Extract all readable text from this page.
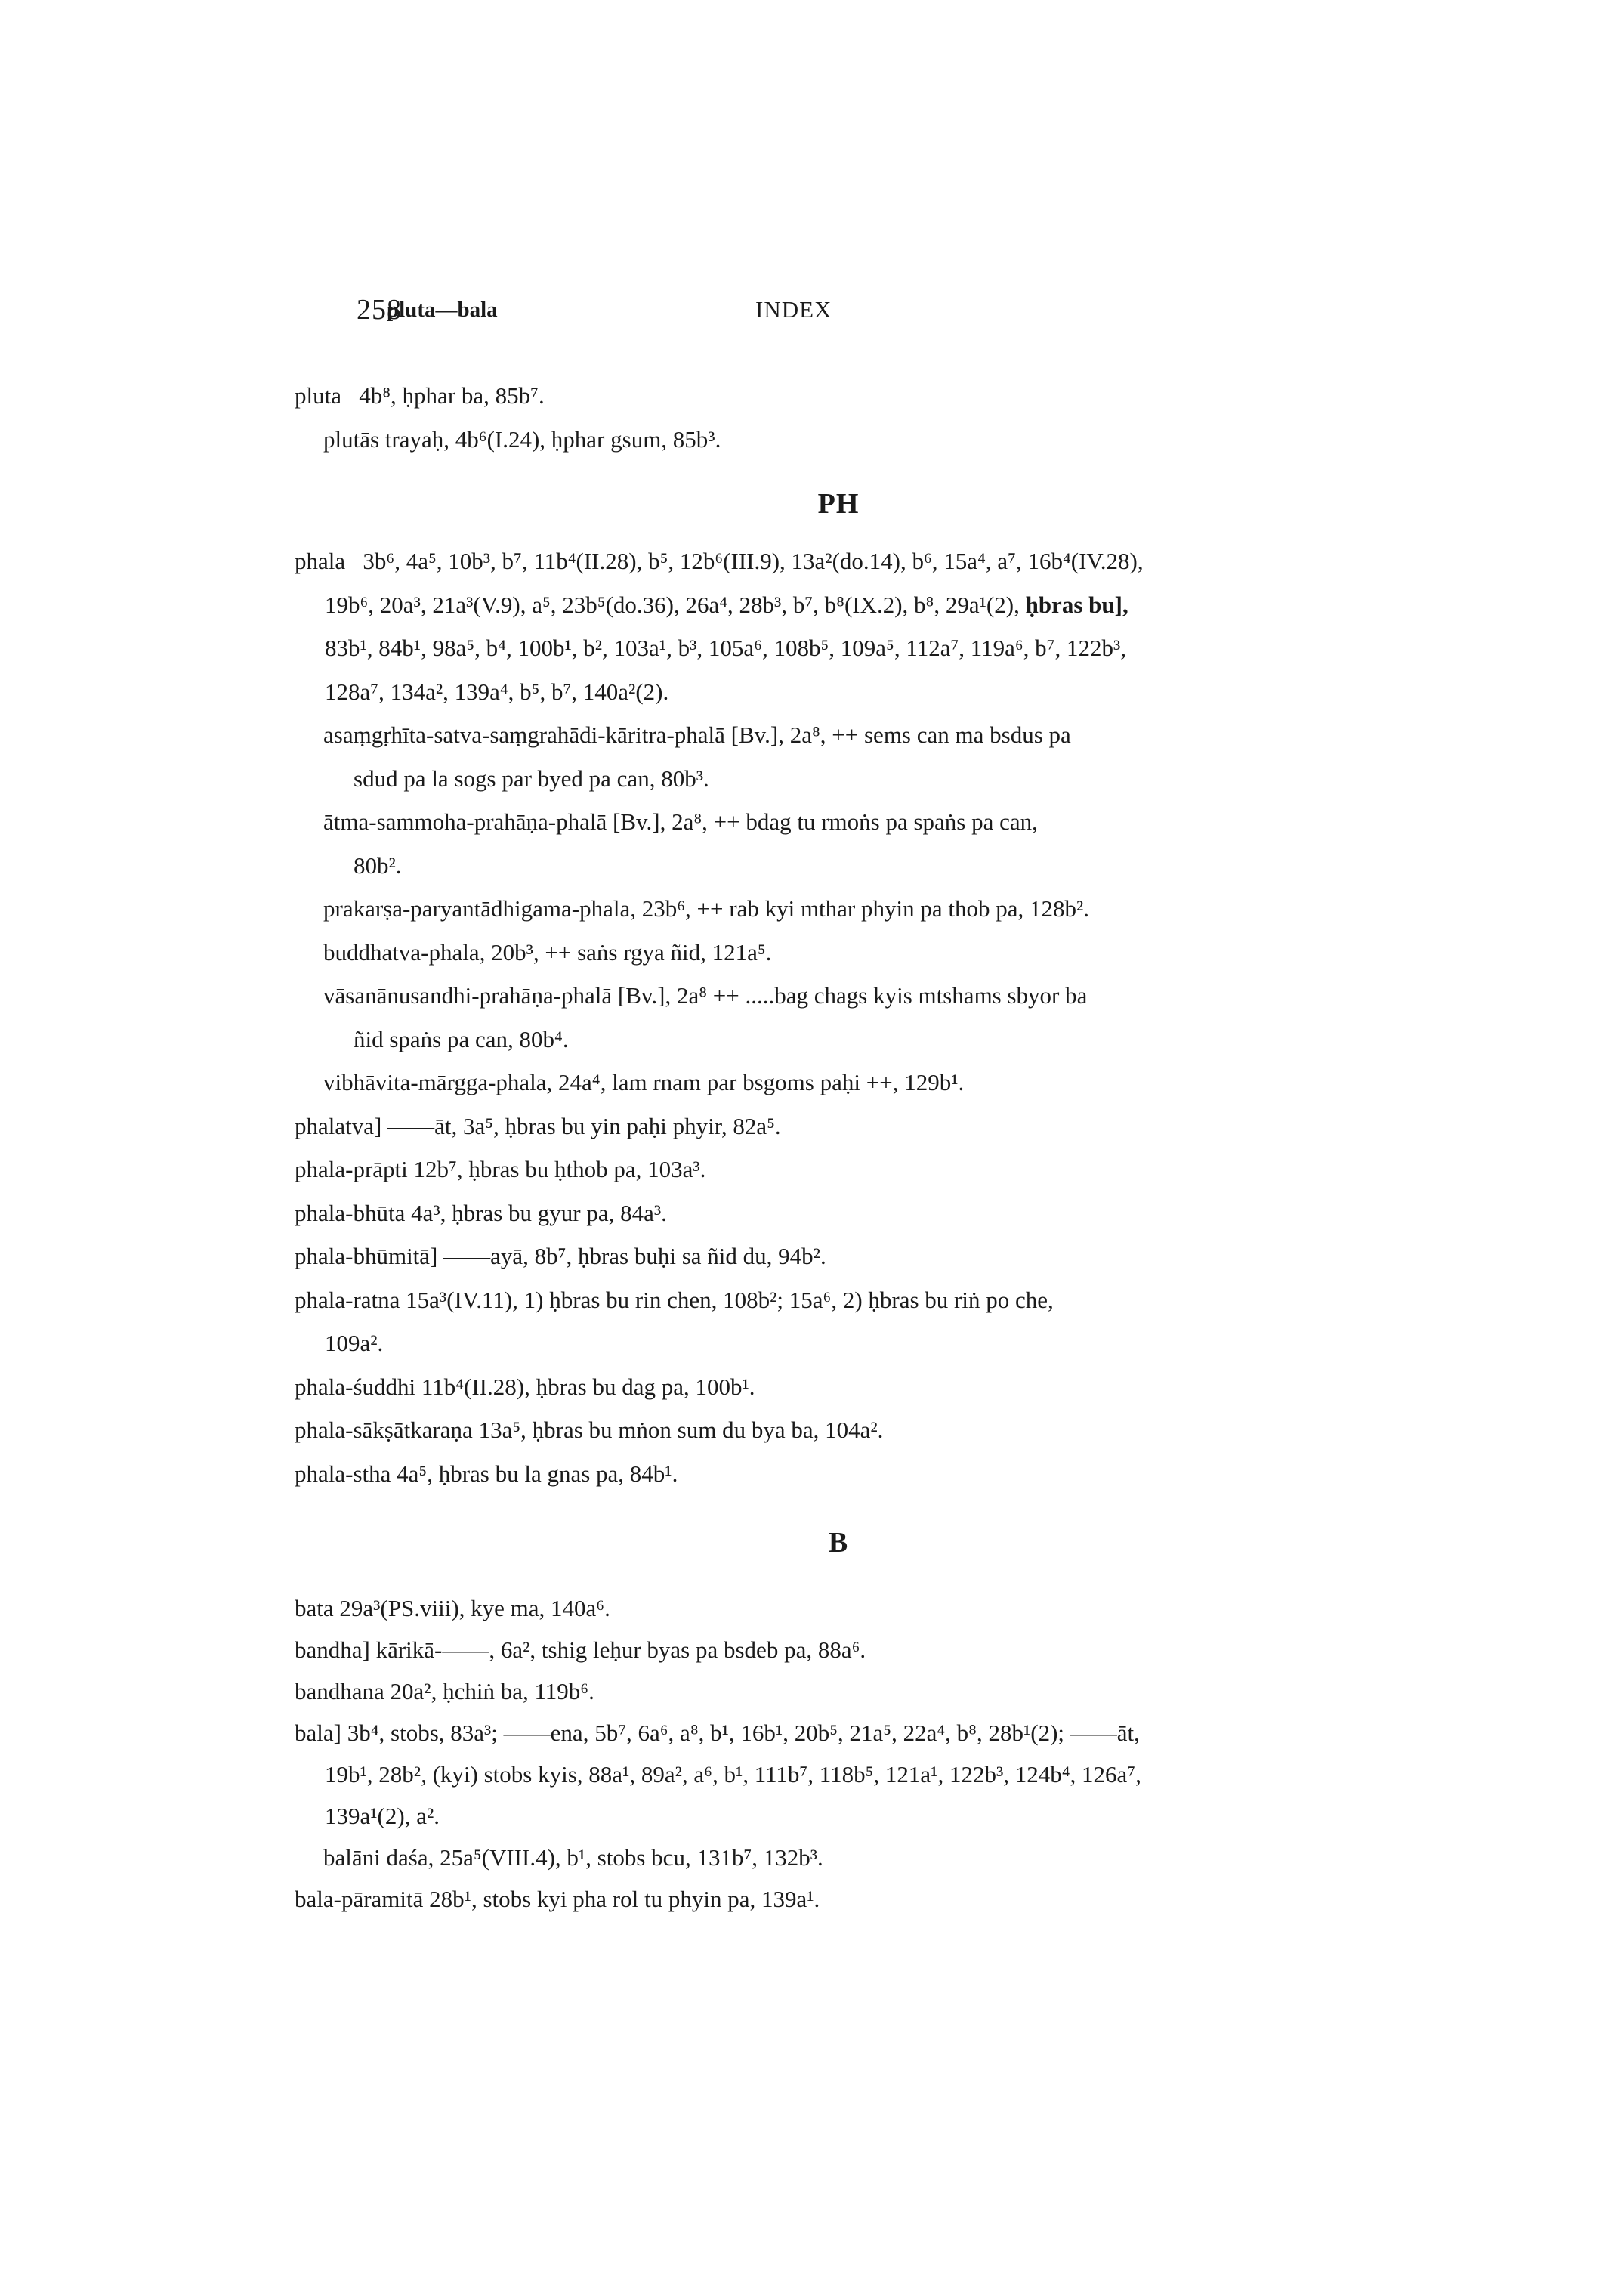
258
pluta—bala	INDEX
pluta 4b⁸, ḥphar ba, 85b⁷.
plutās trayaḥ, 4b⁶(I.24), ḥphar gsum, 85b³.
PH
phala 3b⁶, 4a⁵, 10b³, b⁷, 11b⁴(II.28), b⁵, 12b⁶(III.9), 13a²(do.14), b⁶, 15a⁴, a⁷, 16b⁴(IV.28),
19b⁶, 20a³, 21a³(V.9), a⁵, 23b⁵(do.36), 26a⁴, 28b³, b⁷, b⁸(IX.2), b⁸, 29a¹(2), ḥbras bu],
83b¹, 84b¹, 98a⁵, b⁴, 100b¹, b², 103a¹, b³, 105a⁶, 108b⁵, 109a⁵, 112a⁷, 119a⁶, b⁷, 122b³,
128a⁷, 134a², 139a⁴, b⁵, b⁷, 140a²(2).
asaṃgṛhīta-satva-saṃgrahādi-kāritra-phalā [Bv.], 2a⁸, ++ sems can ma bsdus pa
sdud pa la sogs par byed pa can, 80b³.
ātma-sammoha-prahāṇa-phalā [Bv.], 2a⁸, ++ bdag tu rmoṅs pa spaṅs pa can,
80b².
prakarṣa-paryantādhigama-phala, 23b⁶, ++ rab kyi mthar phyin pa thob pa, 128b².
buddhatva-phala, 20b³, ++ saṅs rgya ñid, 121a⁵.
vāsanānusandhi-prahāṇa-phalā [Bv.], 2a⁸ ++ .....bag chags kyis mtshams sbyor ba
ñid spaṅs pa can, 80b⁴.
vibhāvita-mārgga-phala, 24a⁴, lam rnam par bsgoms paḥi ++, 129b¹.
phalatva] ——āt, 3a⁵, ḥbras bu yin paḥi phyir, 82a⁵.
phala-prāpti 12b⁷, ḥbras bu ḥthob pa, 103a³.
phala-bhūta 4a³, ḥbras bu gyur pa, 84a³.
phala-bhūmitā] ——ayā, 8b⁷, ḥbras buḥi sa ñid du, 94b².
phala-ratna 15a³(IV.11), 1) ḥbras bu rin chen, 108b²; 15a⁶, 2) ḥbras bu riṅ po che,
109a².
phala-śuddhi 11b⁴(II.28), ḥbras bu dag pa, 100b¹.
phala-sākṣātkaraṇa 13a⁵, ḥbras bu mṅon sum du bya ba, 104a².
phala-stha 4a⁵, ḥbras bu la gnas pa, 84b¹.
B
bata 29a³(PS.viii), kye ma, 140a⁶.
bandha] kārikā-——, 6a², tshig leḥur byas pa bsdeb pa, 88a⁶.
bandhana 20a², ḥchiṅ ba, 119b⁶.
bala] 3b⁴, stobs, 83a³; ——ena, 5b⁷, 6a⁶, a⁸, b¹, 16b¹, 20b⁵, 21a⁵, 22a⁴, b⁸, 28b¹(2); ——āt,
19b¹, 28b², (kyi) stobs kyis, 88a¹, 89a², a⁶, b¹, 111b⁷, 118b⁵, 121a¹, 122b³, 124b⁴, 126a⁷,
139a¹(2), a².
balāni daśa, 25a⁵(VIII.4), b¹, stobs bcu, 131b⁷, 132b³.
bala-pāramitā 28b¹, stobs kyi pha rol tu phyin pa, 139a¹.
